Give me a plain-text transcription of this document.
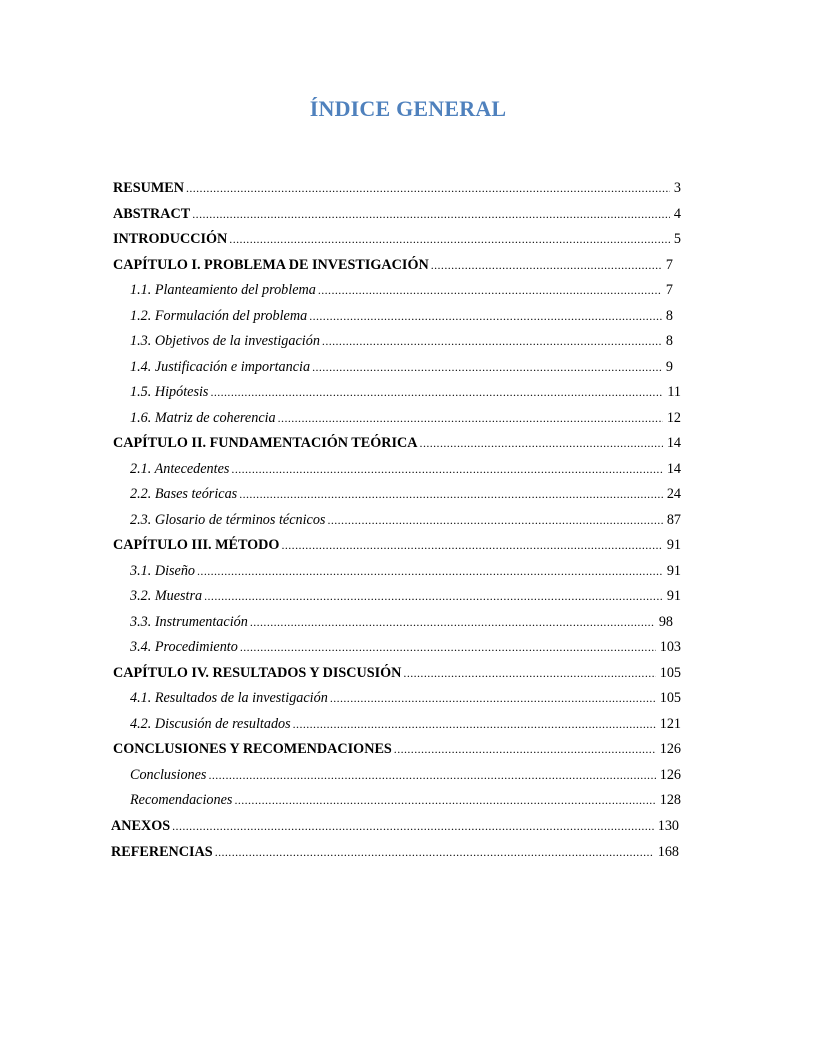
ÍNDICE GENERAL
RESUMEN .....	3
ABSTRACT .....	4
INTRODUCCIÓN .....	5
CAPÍTULO I. PROBLEMA DE INVESTIGACIÓN .....	7
1.1. Planteamiento del problema .....	7
1.2. Formulación del problema .....	8
1.3. Objetivos de la investigación .....	8
1.4. Justificación e importancia .....	9
1.5. Hipótesis .....	11
1.6. Matriz de coherencia .....	12
CAPÍTULO II. FUNDAMENTACIÓN TEÓRICA .....	14
2.1. Antecedentes .....	14
2.2. Bases teóricas .....	24
2.3. Glosario de términos técnicos .....	87
CAPÍTULO III. MÉTODO .....	91
3.1. Diseño .....	91
3.2. Muestra .....	91
3.3. Instrumentación .....	98
3.4. Procedimiento .....	103
CAPÍTULO IV. RESULTADOS Y DISCUSIÓN .....	105
4.1. Resultados de la investigación .....	105
4.2. Discusión de resultados .....	121
CONCLUSIONES Y RECOMENDACIONES .....	126
Conclusiones .....	126
Recomendaciones .....	128
ANEXOS .....	130
REFERENCIAS .....	168
